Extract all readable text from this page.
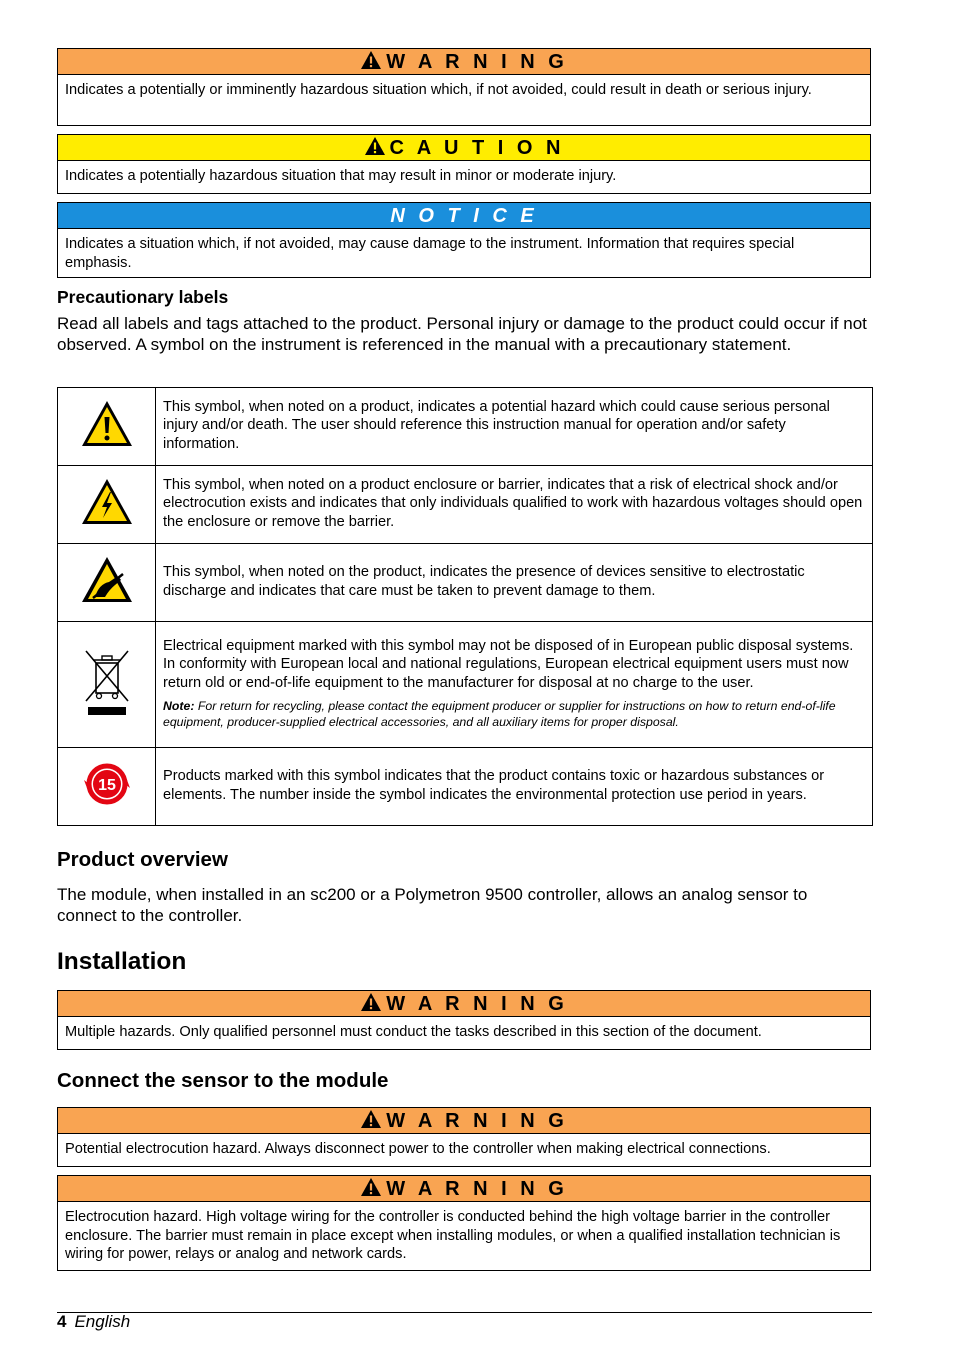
W A R N I N G
Indicates a potentially or imminently hazardous situation which, if not avoided, could result in death or serious injury.
C A U T I O N
Indicates a potentially hazardous situation that may result in minor or moderate injury.
N O T I C E
Indicates a situation which, if not avoided, may cause damage to the instrument. Information that requires special emphasis.
Precautionary labels

Read all labels and tags attached to the product. Personal injury or damage to the product could occur if not observed. A symbol on the instrument is referenced in the manual with a precautionary statement.

	This symbol, when noted on a product, indicates a potential hazard which could cause serious personal injury and/or death. The user should reference this instruction manual for operation and/or safety information.
	This symbol, when noted on a product enclosure or barrier, indicates that a risk of electrical shock and/or electrocution exists and indicates that only individuals qualified to work with hazardous voltages should open the enclosure or remove the barrier.
	This symbol, when noted on the product, indicates the presence of devices sensitive to electrostatic discharge and indicates that care must be taken to prevent damage to them.

Electrical equipment marked with this symbol may not be disposed of in European public disposal systems. In conformity with European local and national regulations, European electrical equipment users must now return old or end-of-life equipment to the manufacturer for disposal at no charge to the user.
Note: For return for recycling, please contact the equipment producer or supplier for instructions on how to return end-of-life equipment, producer-supplied electrical accessories, and all auxiliary items for proper disposal.

15	Products marked with this symbol indicates that the product contains toxic or hazardous substances or elements. The number inside the symbol indicates the environmental protection use period in years.
Product overview

The module, when installed in an sc200 or a Polymetron 9500 controller, allows an analog sensor to connect to the controller.

Installation
W A R N I N G
Multiple hazards. Only qualified personnel must conduct the tasks described in this section of the document.
Connect the sensor to the module
W A R N I N G
Potential electrocution hazard. Always disconnect power to the controller when making electrical connections.
W A R N I N G
Electrocution hazard. High voltage wiring for the controller is conducted behind the high voltage barrier in the controller enclosure. The barrier must remain in place except when installing modules, or when a qualified installation technician is wiring for power, relays or analog and network cards.
4 English
